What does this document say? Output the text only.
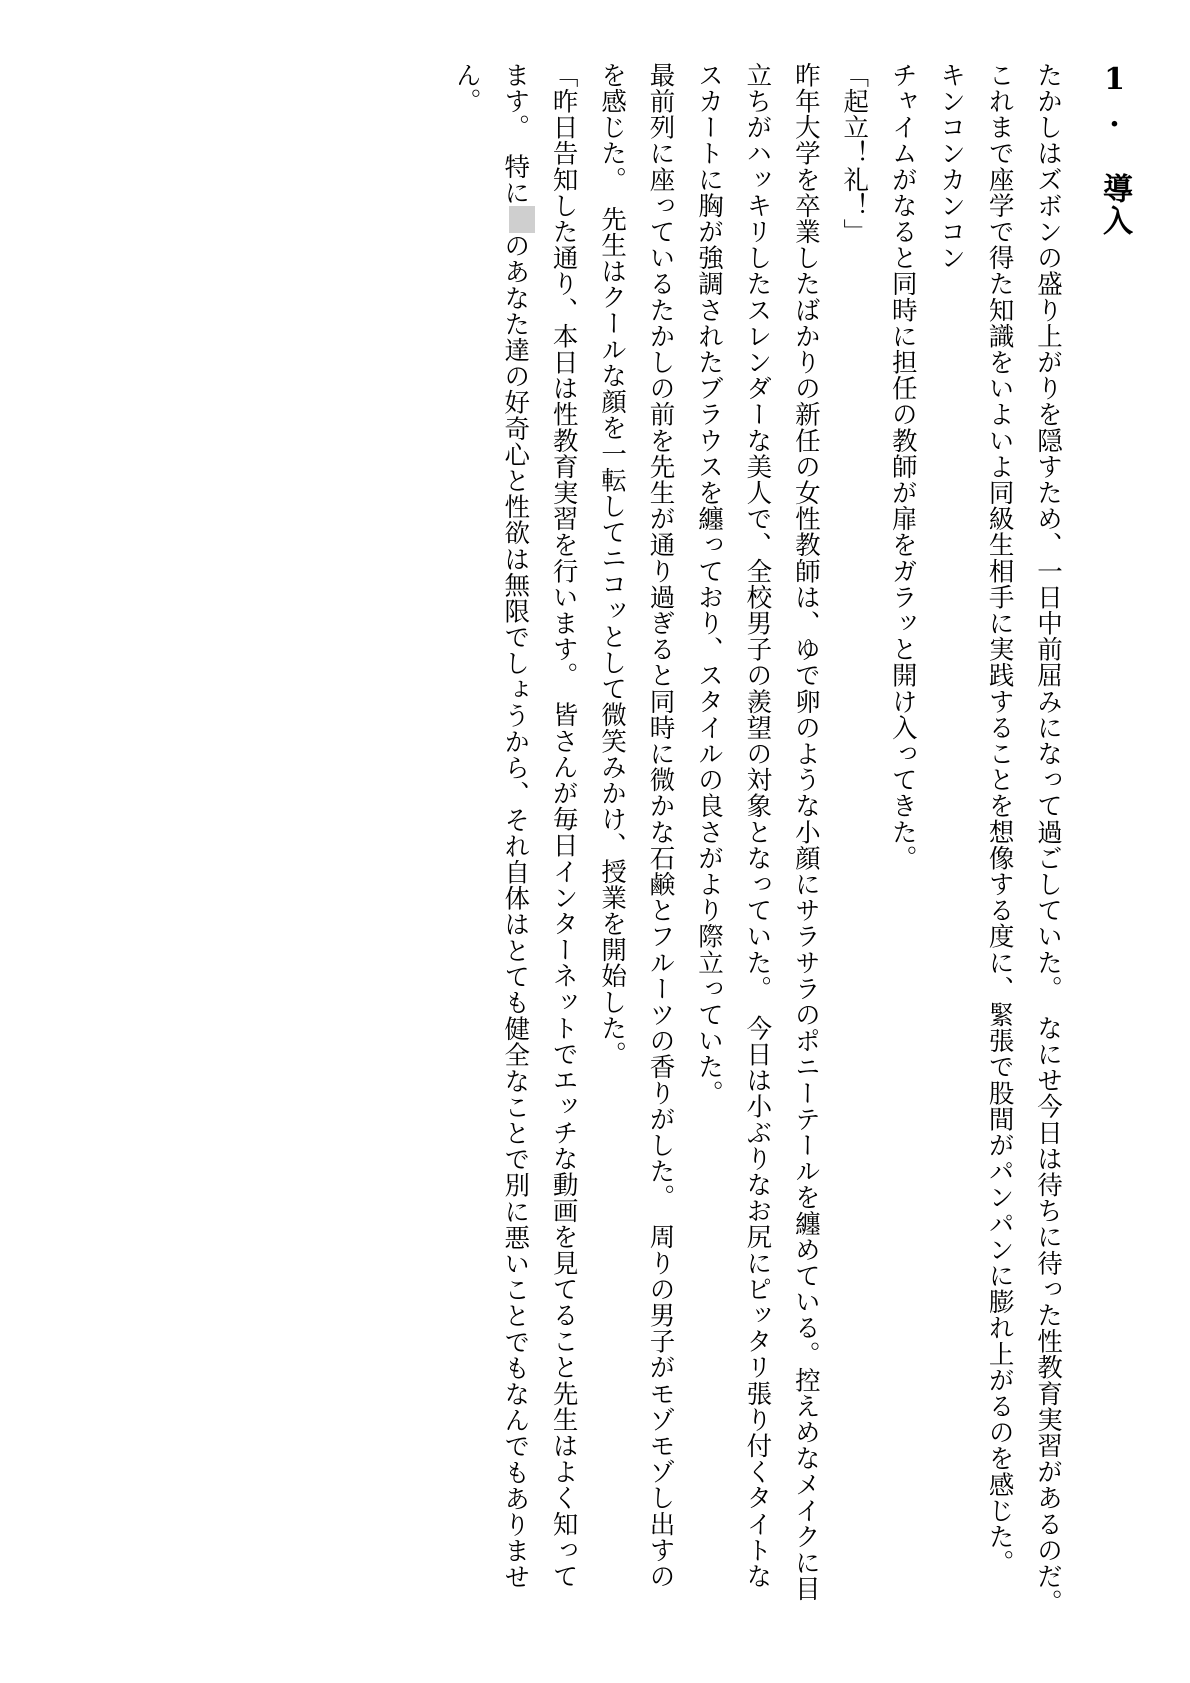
1. 導入
たかしはズボンの盛り上がりを隠すため、一日中前屈みになって過ごしていた。　なにせ今日は待ちに待った性教育実習があるのだ。　これまで座学で得た知識をいよいよ同級生相手に実践することを想像する度に、緊張で股間がパンパンに膨れ上がるのを感じた。
キンコンカンコン
チャイムがなると同時に担任の教師が扉をガラッと開け入ってきた。
「起立！礼！」
昨年大学を卒業したばかりの新任の女性教師は、ゆで卵のような小顔にサラサラのポニーテールを纏めている。控えめなメイクに目立ちがハッキリしたスレンダーな美人で、全校男子の羨望の対象となっていた。　今日は小ぶりなお尻にピッタリ張り付くタイトなスカートに胸が強調されたブラウスを纏っており、スタイルの良さがより際立っていた。
最前列に座っているたかしの前を先生が通り過ぎると同時に微かな石鹸とフルーツの香りがした。　周りの男子がモゾモゾし出すのを感じた。　先生はクールな顔を一転してニコッとして微笑みかけ、授業を開始した。
「昨日告知した通り、本日は性教育実習を行います。　皆さんが毎日インターネットでエッチな動画を見てること先生はよく知ってます。　特にのあなた達の好奇心と性欲は無限でしょうから、それ自体はとても健全なことで別に悪いことでもなんでもありません。
